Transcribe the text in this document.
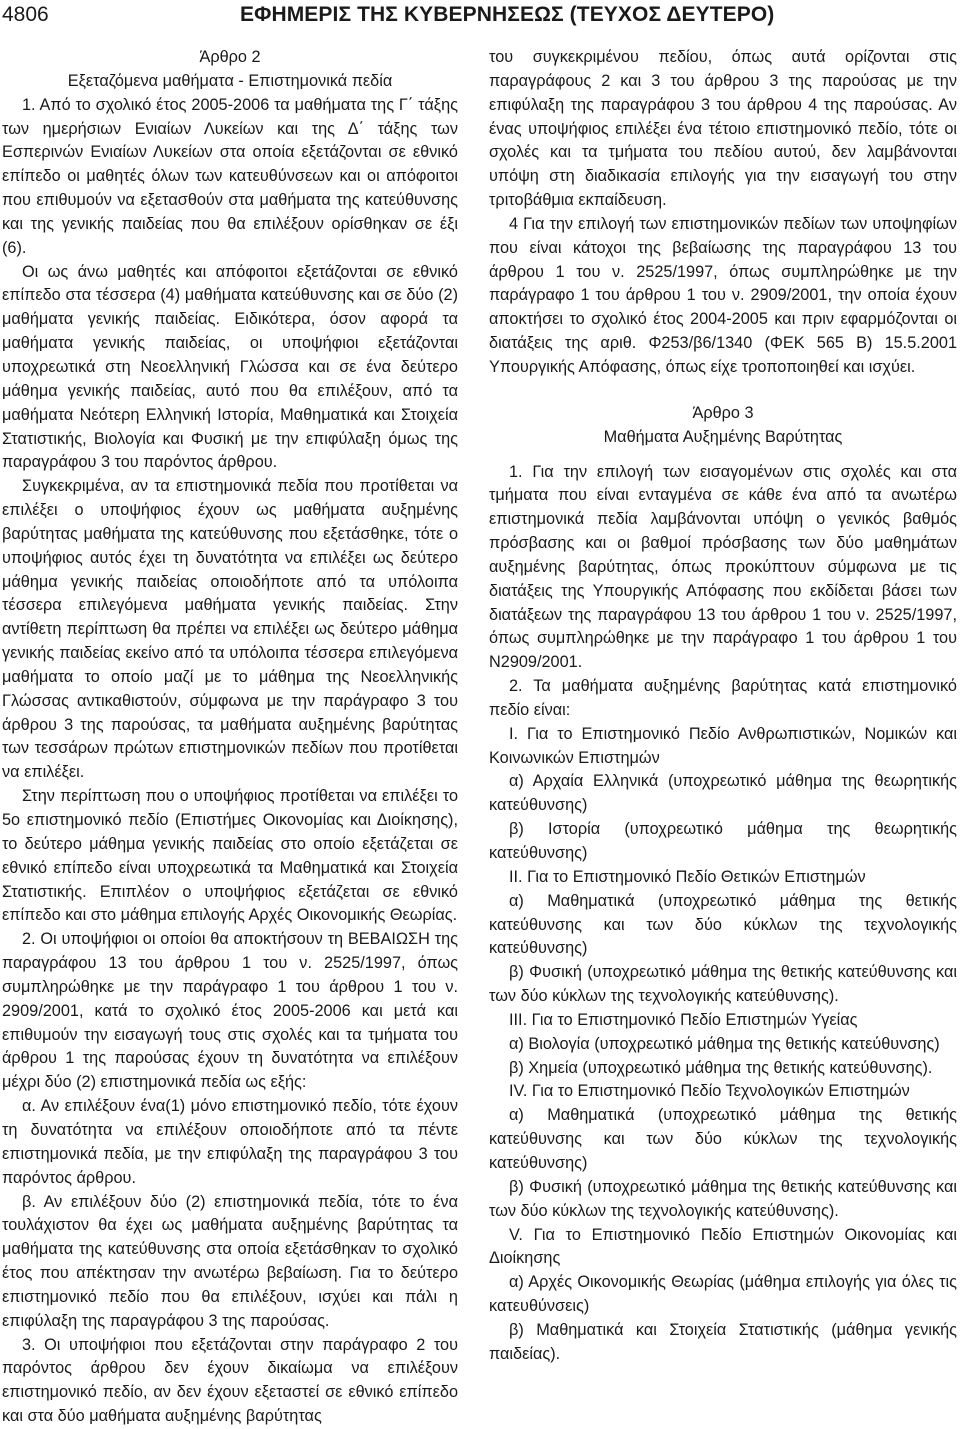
4806	ΕΦΗΜΕΡΙΣ ΤΗΣ ΚΥΒΕΡΝΗΣΕΩΣ (ΤΕΥΧΟΣ ΔΕΥΤΕΡΟ)
Άρθρο 2
Εξεταζόμενα μαθήματα - Επιστημονικά πεδία

1. Από το σχολικό έτος 2005-2006 τα μαθήματα της Γ΄ τάξης των ημερήσιων Ενιαίων Λυκείων και της Δ΄ τάξης των Εσπερινών Ενιαίων Λυκείων στα οποία εξετάζονται σε εθνικό επίπεδο οι μαθητές όλων των κατευθύνσεων και οι απόφοιτοι που επιθυμούν να εξετασθούν στα μαθήματα της κατεύθυνσης και της γενικής παιδείας που θα επιλέξουν ορίσθηκαν σε έξι (6).

Οι ως άνω μαθητές και απόφοιτοι εξετάζονται σε εθνικό επίπεδο στα τέσσερα (4) μαθήματα κατεύθυνσης και σε δύο (2) μαθήματα γενικής παιδείας. Ειδικότερα, όσον αφορά τα μαθήματα γενικής παιδείας, οι υποψήφιοι εξετάζονται υποχρεωτικά στη Νεοελληνική Γλώσσα και σε ένα δεύτερο μάθημα γενικής παιδείας, αυτό που θα επιλέξουν, από τα μαθήματα Νεότερη Ελληνική Ιστορία, Μαθηματικά και Στοιχεία Στατιστικής, Βιολογία και Φυσική με την επιφύλαξη όμως της παραγράφου 3 του παρόντος άρθρου.

Συγκεκριμένα, αν τα επιστημονικά πεδία που προτίθεται να επιλέξει ο υποψήφιος έχουν ως μαθήματα αυξημένης βαρύτητας μαθήματα της κατεύθυνσης που εξετάσθηκε, τότε ο υποψήφιος αυτός έχει τη δυνατότητα να επιλέξει ως δεύτερο μάθημα γενικής παιδείας οποιοδήποτε από τα υπόλοιπα τέσσερα επιλεγόμενα μαθήματα γενικής παιδείας. Στην αντίθετη περίπτωση θα πρέπει να επιλέξει ως δεύτερο μάθημα γενικής παιδείας εκείνο από τα υπόλοιπα τέσσερα επιλεγόμενα μαθήματα το οποίο μαζί με το μάθημα της Νεοελληνικής Γλώσσας αντικαθιστούν, σύμφωνα με την παράγραφο 3 του άρθρου 3 της παρούσας, τα μαθήματα αυξημένης βαρύτητας των τεσσάρων πρώτων επιστημονικών πεδίων που προτίθεται να επιλέξει.

Στην περίπτωση που ο υποψήφιος προτίθεται να επιλέξει το 5ο επιστημονικό πεδίο (Επιστήμες Οικονομίας και Διοίκησης), το δεύτερο μάθημα γενικής παιδείας στο οποίο εξετάζεται σε εθνικό επίπεδο είναι υποχρεωτικά τα Μαθηματικά και Στοιχεία Στατιστικής. Επιπλέον ο υποψήφιος εξετάζεται σε εθνικό επίπεδο και στο μάθημα επιλογής Αρχές Οικονομικής Θεωρίας.

2. Οι υποψήφιοι οι οποίοι θα αποκτήσουν τη ΒΕΒΑΙΩΣΗ της παραγράφου 13 του άρθρου 1 του ν. 2525/1997, όπως συμπληρώθηκε με την παράγραφο 1 του άρθρου 1 του ν. 2909/2001, κατά το σχολικό έτος 2005-2006 και μετά και επιθυμούν την εισαγωγή τους στις σχολές και τα τμήματα του άρθρου 1 της παρούσας έχουν τη δυνατότητα να επιλέξουν μέχρι δύο (2) επιστημονικά πεδία ως εξής:

α. Αν επιλέξουν ένα(1) μόνο επιστημονικό πεδίο, τότε έχουν τη δυνατότητα να επιλέξουν οποιοδήποτε από τα πέντε επιστημονικά πεδία, με την επιφύλαξη της παραγράφου 3 του παρόντος άρθρου.

β. Αν επιλέξουν δύο (2) επιστημονικά πεδία, τότε το ένα τουλάχιστον θα έχει ως μαθήματα αυξημένης βαρύτητας τα μαθήματα της κατεύθυνσης στα οποία εξετάσθηκαν το σχολικό έτος που απέκτησαν την ανωτέρω βεβαίωση. Για το δεύτερο επιστημονικό πεδίο που θα επιλέξουν, ισχύει και πάλι η επιφύλαξη της παραγράφου 3 της παρούσας.

3. Οι υποψήφιοι που εξετάζονται στην παράγραφο 2 του παρόντος άρθρου δεν έχουν δικαίωμα να επιλέξουν επιστημονικό πεδίο, αν δεν έχουν εξεταστεί σε εθνικό επίπεδο και στα δύο μαθήματα αυξημένης βαρύτητας

του συγκεκριμένου πεδίου, όπως αυτά ορίζονται στις παραγράφους 2 και 3 του άρθρου 3 της παρούσας με την επιφύλαξη της παραγράφου 3 του άρθρου 4 της παρούσας. Αν ένας υποψήφιος επιλέξει ένα τέτοιο επιστημονικό πεδίο, τότε οι σχολές και τα τμήματα του πεδίου αυτού, δεν λαμβάνονται υπόψη στη διαδικασία επιλογής για την εισαγωγή του στην τριτοβάθμια εκπαίδευση.

4 Για την επιλογή των επιστημονικών πεδίων των υποψηφίων που είναι κάτοχοι της βεβαίωσης της παραγράφου 13 του άρθρου 1 του ν. 2525/1997, όπως συμπληρώθηκε με την παράγραφο 1 του άρθρου 1 του ν. 2909/2001, την οποία έχουν αποκτήσει το σχολικό έτος 2004-2005 και πριν εφαρμόζονται οι διατάξεις της αριθ. Φ253/β6/1340 (ΦΕΚ 565 Β) 15.5.2001 Υπουργικής Απόφασης, όπως είχε τροποποιηθεί και ισχύει.

Άρθρο 3
Μαθήματα Αυξημένης Βαρύτητας

1. Για την επιλογή των εισαγομένων στις σχολές και στα τμήματα που είναι ενταγμένα σε κάθε ένα από τα ανωτέρω επιστημονικά πεδία λαμβάνονται υπόψη ο γενικός βαθμός πρόσβασης και οι βαθμοί πρόσβασης των δύο μαθημάτων αυξημένης βαρύτητας, όπως προκύπτουν σύμφωνα με τις διατάξεις της Υπουργικής Απόφασης που εκδίδεται βάσει των διατάξεων της παραγράφου 13 του άρθρου 1 του ν. 2525/1997, όπως συμπληρώθηκε με την παράγραφο 1 του άρθρου 1 του Ν2909/2001.

2. Τα μαθήματα αυξημένης βαρύτητας κατά επιστημονικό πεδίο είναι:

Ι. Για το Επιστημονικό Πεδίο Ανθρωπιστικών, Νομικών και Κοινωνικών Επιστημών

α) Αρχαία Ελληνικά (υποχρεωτικό μάθημα της θεωρητικής κατεύθυνσης)

β) Ιστορία (υποχρεωτικό μάθημα της θεωρητικής κατεύθυνσης)

ΙΙ. Για το Επιστημονικό Πεδίο Θετικών Επιστημών

α) Μαθηματικά (υποχρεωτικό μάθημα της θετικής κατεύθυνσης και των δύο κύκλων της τεχνολογικής κατεύθυνσης)

β) Φυσική (υποχρεωτικό μάθημα της θετικής κατεύθυνσης και των δύο κύκλων της τεχνολογικής κατεύθυνσης).

ΙΙΙ. Για το Επιστημονικό Πεδίο Επιστημών Υγείας

α) Βιολογία (υποχρεωτικό μάθημα της θετικής κατεύθυνσης)

β) Χημεία (υποχρεωτικό μάθημα της θετικής κατεύθυνσης).

ΙV. Για το Επιστημονικό Πεδίο Τεχνολογικών Επιστημών

α) Μαθηματικά (υποχρεωτικό μάθημα της θετικής κατεύθυνσης και των δύο κύκλων της τεχνολογικής κατεύθυνσης)

β) Φυσική (υποχρεωτικό μάθημα της θετικής κατεύθυνσης και των δύο κύκλων της τεχνολογικής κατεύθυνσης).

V. Για το Επιστημονικό Πεδίο Επιστημών Οικονομίας και Διοίκησης

α) Αρχές Οικονομικής Θεωρίας (μάθημα επιλογής για όλες τις κατευθύνσεις)

β) Μαθηματικά και Στοιχεία Στατιστικής (μάθημα γενικής παιδείας).
